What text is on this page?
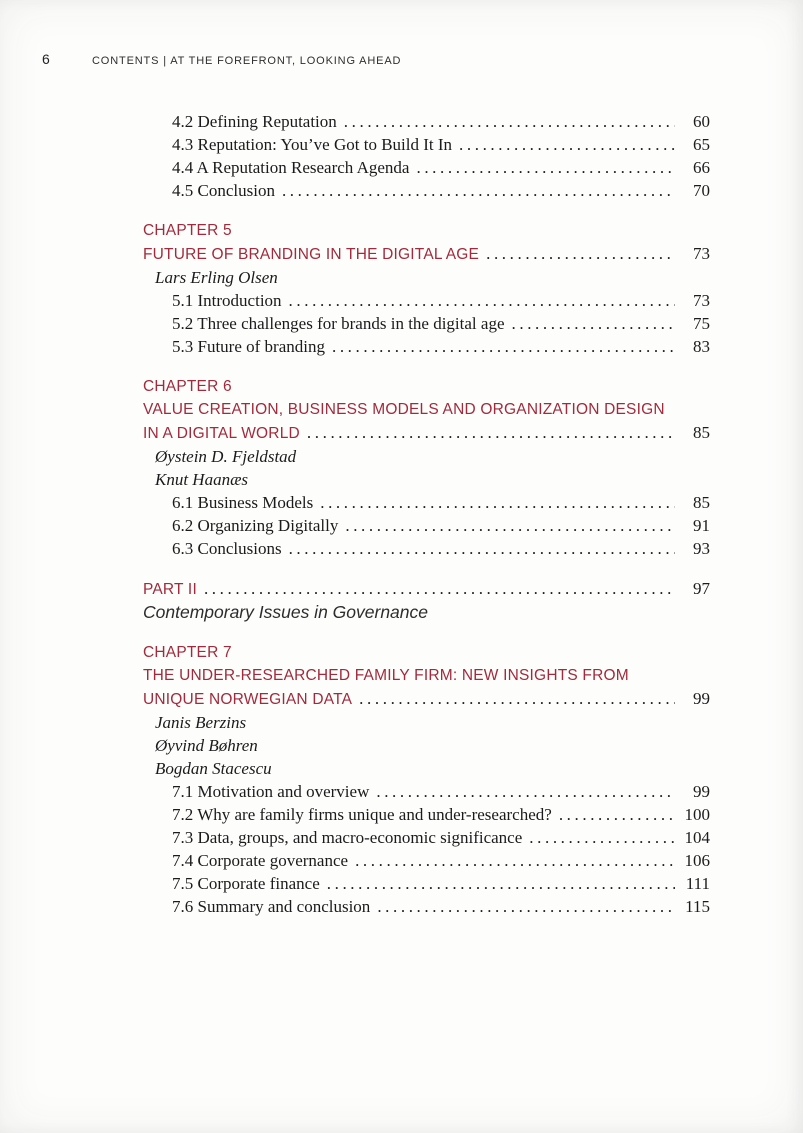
6	CONTENTS | AT THE FOREFRONT, LOOKING AHEAD
4.2 Defining Reputation .....	60
4.3 Reputation: You’ve Got to Build It In .....	65
4.4 A Reputation Research Agenda .....	66
4.5 Conclusion .....	70
CHAPTER 5
FUTURE OF BRANDING IN THE DIGITAL AGE .....	73
Lars Erling Olsen
5.1 Introduction .....	73
5.2 Three challenges for brands in the digital age .....	75
5.3 Future of branding .....	83
CHAPTER 6
VALUE CREATION, BUSINESS MODELS AND ORGANIZATION DESIGN
IN A DIGITAL WORLD .....	85
Øystein D. Fjeldstad
Knut Haanæs
6.1 Business Models .....	85
6.2 Organizing Digitally .....	91
6.3 Conclusions .....	93
PART II .....	97
Contemporary Issues in Governance
CHAPTER 7
THE UNDER-RESEARCHED FAMILY FIRM: NEW INSIGHTS FROM
UNIQUE NORWEGIAN DATA .....	99
Janis Berzins
Øyvind Bøhren
Bogdan Stacescu
7.1 Motivation and overview .....	99
7.2 Why are family firms unique and under-researched? .....	100
7.3 Data, groups, and macro-economic significance .....	104
7.4 Corporate governance .....	106
7.5 Corporate finance .....	111
7.6 Summary and conclusion .....	115
